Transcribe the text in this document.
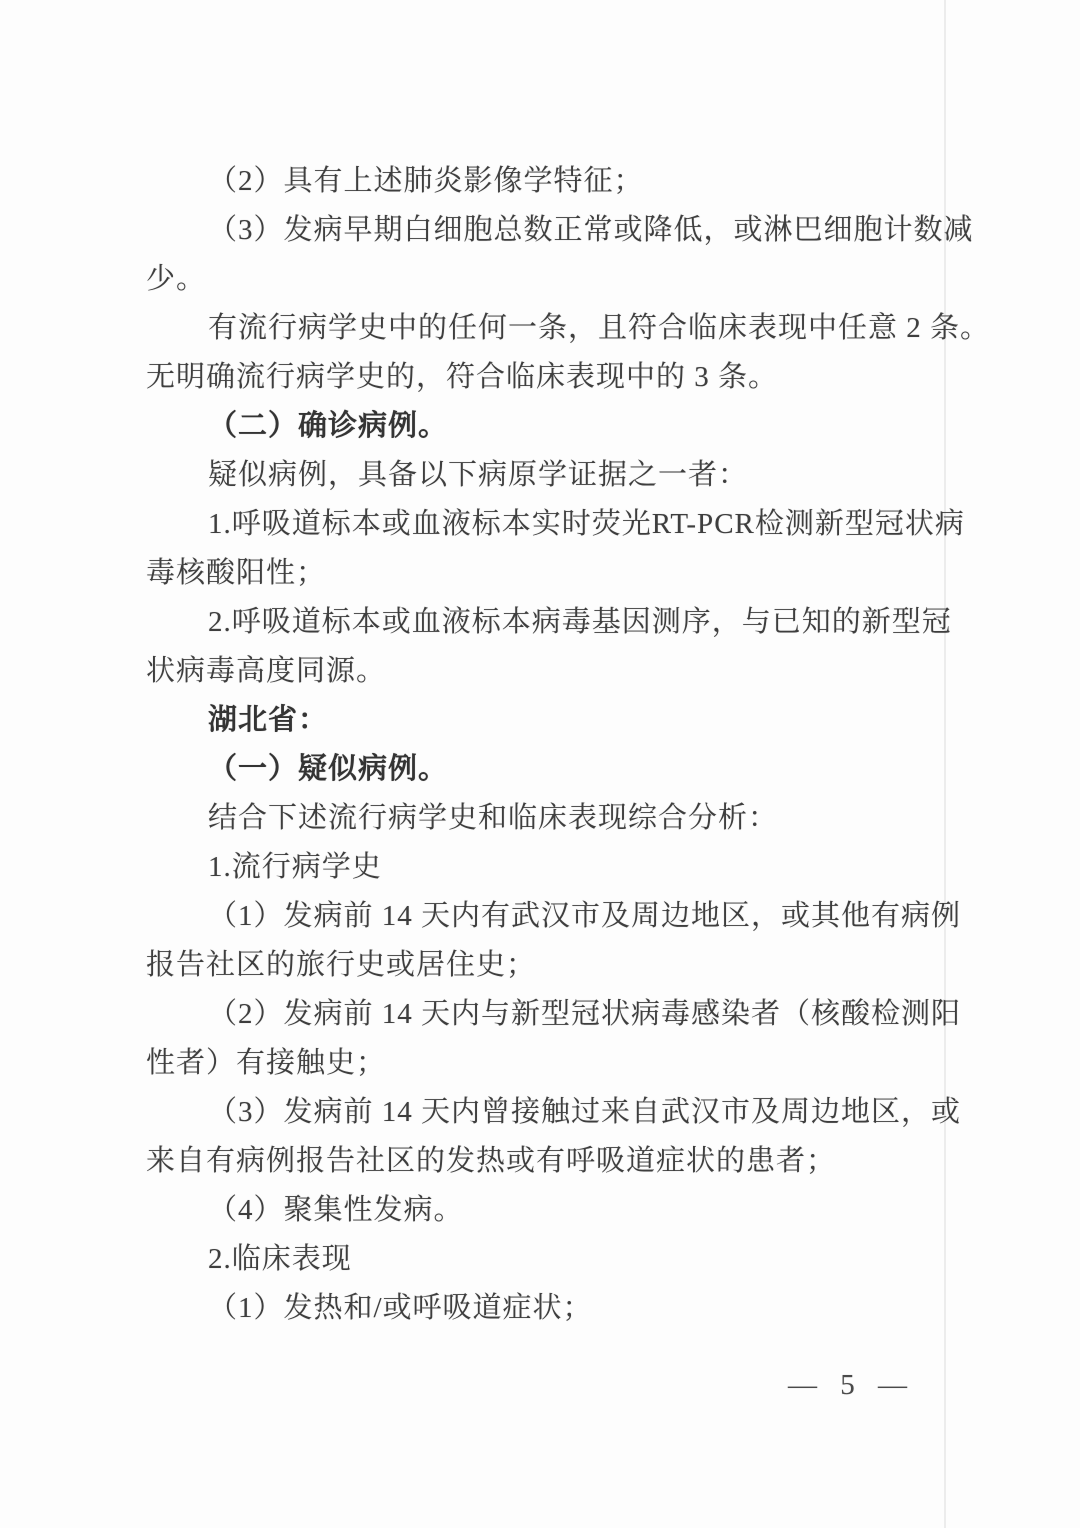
（2）具有上述肺炎影像学特征；
（3）发病早期白细胞总数正常或降低，或淋巴细胞计数减
少。
有流行病学史中的任何一条，且符合临床表现中任意 2 条。
无明确流行病学史的，符合临床表现中的 3 条。
（二）确诊病例。
疑似病例，具备以下病原学证据之一者：
1.呼吸道标本或血液标本实时荧光RT-PCR检测新型冠状病
毒核酸阳性；
2.呼吸道标本或血液标本病毒基因测序，与已知的新型冠
状病毒高度同源。
湖北省：
（一）疑似病例。
结合下述流行病学史和临床表现综合分析：
1.流行病学史
（1）发病前 14 天内有武汉市及周边地区，或其他有病例
报告社区的旅行史或居住史；
（2）发病前 14 天内与新型冠状病毒感染者（核酸检测阳
性者）有接触史；
（3）发病前 14 天内曾接触过来自武汉市及周边地区，或
来自有病例报告社区的发热或有呼吸道症状的患者；
（4）聚集性发病。
2.临床表现
（1）发热和/或呼吸道症状；
— 5 —
